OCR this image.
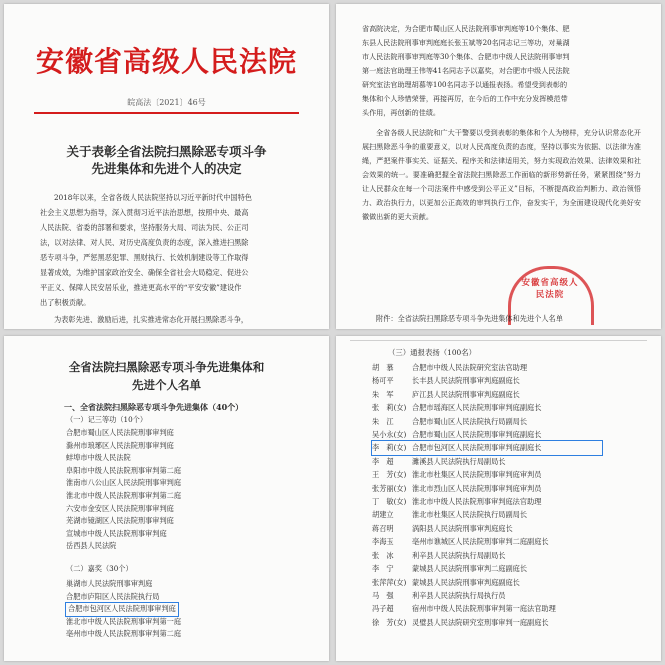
安徽省高级人民法院
皖高法〔2021〕46号
关于表彰全省法院扫黑除恶专项斗争
先进集体和先进个人的决定
2018年以来，全省各级人民法院坚持以习近平新时代中国特色
社会主义思想为指导，深入贯彻习近平法治思想，按照中央、最高
人民法院、省委的部署和要求，坚持服务大局、司法为民、公正司
法，以对法律、对人民、对历史高度负责的态度，深入推进扫黑除
恶专项斗争，严惩黑恶犯罪、黑财执行、长效机制建设等工作取得
显著成效，为维护国家政治安全、确保全省社会大局稳定、促进公
平正义、保障人民安居乐业，推进更高水平的“平安安徽”建设作
出了积极贡献。
为表彰先进、激励后进，扎实推进常态化开展扫黑除恶斗争，
省高院决定，为合肥市蜀山区人民法院刑事审判庭等10个集体、肥
东县人民法院刑事审判庭庭长张玉斌等20名同志记三等功，对巢湖
市人民法院刑事审判庭等30个集体、合肥市中级人民法院刑事审判
第一庭法官助理王伟等41名同志予以嘉奖，对合肥市中级人民法院
研究室法官助理胡慕等100名同志予以通报表扬。希望受到表彰的
集体和个人珍惜荣誉，再接再厉，在今后的工作中充分发挥模范带
头作用，再创新的佳绩。

全省各级人民法院和广大干警要以受到表彰的集体和个人为榜样，充分认识常态化开展扫黑除恶斗争的重要意义，以对人民高度负责的态度，坚持以事实为依据、以法律为准绳，严把案件事实关、证据关、程序关和法律适用关，努力实现政治效果、法律效果和社会效果的统一。要准确把握全省法院扫黑除恶工作面临的新形势新任务，紧紧围绕“努力让人民群众在每一个司法案件中感受到公平正义”目标，不断提高政治判断力、政治领悟力、政治执行力，以更加公正高效的审判执行工作，奋发实干，为全面建设现代化美好安徽做出新的更大贡献。

安徽省高级人民法院
附件：全省法院扫黑除恶专项斗争先进集体和先进个人名单
全省法院扫黑除恶专项斗争先进集体和
先进个人名单
一、全省法院扫黑除恶专项斗争先进集体（40个）
（一）记三等功（10个）
合肥市蜀山区人民法院刑事审判庭
滁州市琅琊区人民法院刑事审判庭
蚌埠市中级人民法院
阜阳市中级人民法院刑事审判第二庭
淮南市八公山区人民法院刑事审判庭
淮北市中级人民法院刑事审判第二庭
六安市金安区人民法院刑事审判庭
芜湖市镜湖区人民法院刑事审判庭
宣城市中级人民法院刑事审判庭
岳西县人民法院
（二）嘉奖（30个）
巢湖市人民法院刑事审判庭
合肥市庐阳区人民法院执行局
合肥市包河区人民法院刑事审判庭
淮北市中级人民法院刑事审判第一庭
亳州市中级人民法院刑事审判第二庭
（三）通报表扬（100名）
胡　慕	合肥市中级人民法院研究室法官助理
杨可平	长丰县人民法院刑事审判庭副庭长
朱　军	庐江县人民法院刑事审判庭副庭长
张　莉(女) 合肥市瑶海区人民法院刑事审判庭副庭长
朱　江	合肥市蜀山区人民法院执行局副局长
吴小永(女) 合肥市蜀山区人民法院刑事审判庭副庭长
李　莉(女) 合肥市包河区人民法院刑事审判庭副庭长
李　超	濉溪县人民法院执行局副局长
王　芳(女) 淮北市杜集区人民法院刑事审判庭审判员
张芳丽(女) 淮北市烈山区人民法院刑事审判庭审判员
丁　敏(女) 淮北市中级人民法院刑事审判庭法官助理
胡建立	淮北市杜集区人民法院执行局副局长
蒋召明	涡阳县人民法院刑事审判庭庭长
李海玉	亳州市谯城区人民法院刑事审判二庭副庭长
张　冰	利辛县人民法院执行局副局长
李　宁	蒙城县人民法院刑事审判二庭副庭长
张萍萍(女) 蒙城县人民法院刑事审判庭副庭长
马　强	利辛县人民法院执行局执行员
冯子超	宿州市中级人民法院刑事审判第一庭法官助理
徐　芳(女) 灵璧县人民法院研究室刑事审判一庭副庭长
